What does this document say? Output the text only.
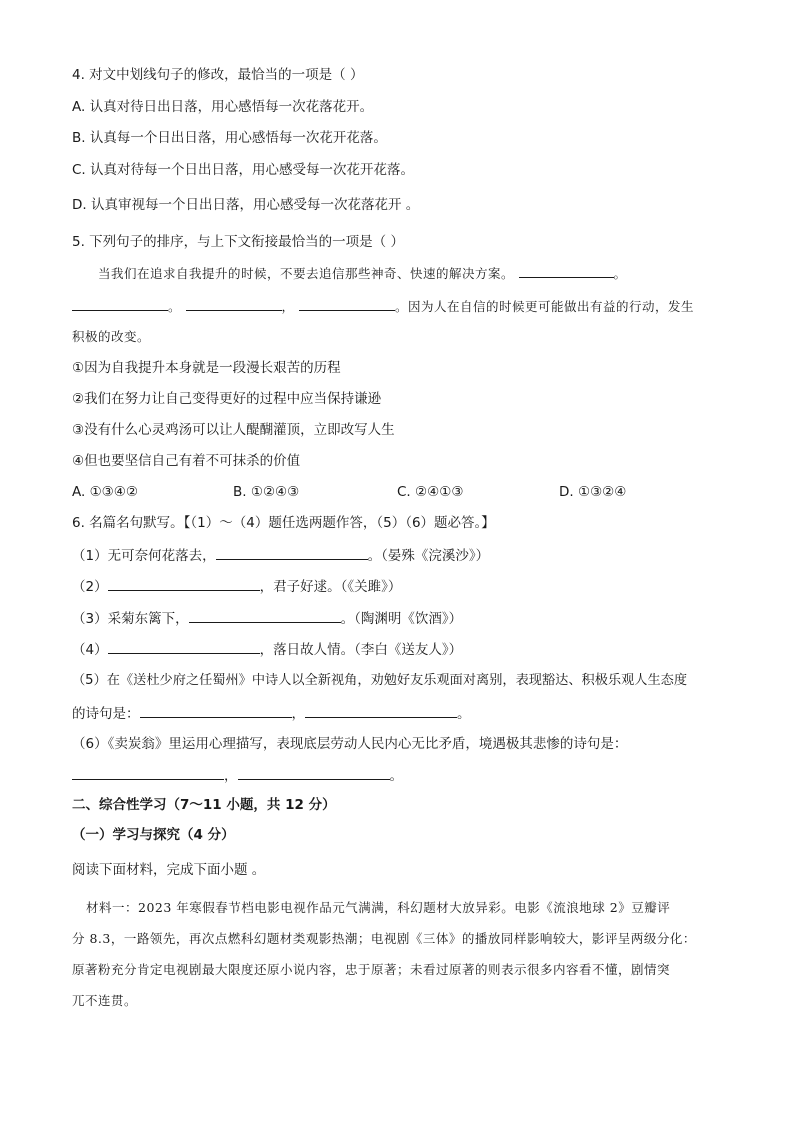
4. 对文中划线句子的修改，最恰当的一项是（ ）
A. 认真对待日出日落，用心感悟每一次花落花开。
B. 认真每一个日出日落，用心感悟每一次花开花落。
C. 认真对待每一个日出日落，用心感受每一次花开花落。
D. 认真审视每一个日出日落，用心感受每一次花落花开 。
5. 下列句子的排序，与上下文衔接最恰当的一项是（ ）
当我们在追求自我提升的时候，不要去追信那些神奇、快速的解决方案。	。
。	，	。因为人在自信的时候更可能做出有益的行动，发生
积极的改变。
①因为自我提升本身就是一段漫长艰苦的历程
②我们在努力让自己变得更好的过程中应当保持谦逊
③没有什么心灵鸡汤可以让人醍醐灌顶，立即改写人生
④但也要坚信自己有着不可抹杀的价值
A. ①③④②	B. ①②④③	C. ②④①③	D. ①③②④
6. 名篇名句默写。【（1）～（4）题任选两题作答，（5）（6）题必答。】
（1）无可奈何花落去，	。（晏殊《浣溪沙》）
（2）	，君子好逑。（《关雎》）
（3）采菊东篱下，	。（陶渊明《饮酒》）
（4）	，落日故人情。（李白《送友人》）
（5）在《送杜少府之任蜀州》中诗人以全新视角，劝勉好友乐观面对离别，表现豁达、积极乐观人生态度
的诗句是：	，	。
（6）《卖炭翁》里运用心理描写，表现底层劳动人民内心无比矛盾，境遇极其悲惨的诗句是：
，	。
二、综合性学习（7～11 小题，共 12 分）
（一）学习与探究（4 分）
阅读下面材料，完成下面小题 。
材料一：2023 年寒假春节档电影电视作品元气满满，科幻题材大放异彩。电影《流浪地球 2》豆瓣评
分 8.3，一路领先，再次点燃科幻题材类观影热潮；电视剧《三体》的播放同样影响较大，影评呈两级分化：
原著粉充分肯定电视剧最大限度还原小说内容，忠于原著；未看过原著的则表示很多内容看不懂，剧情突
兀不连贯。
